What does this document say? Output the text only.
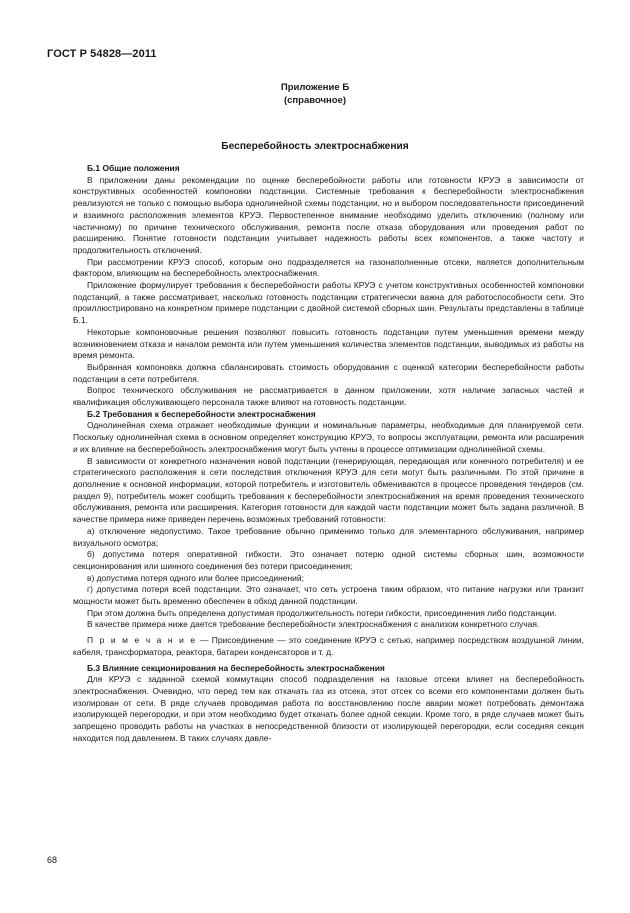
ГОСТ Р 54828—2011
Приложение Б
(справочное)
Бесперебойность электроснабжения

Б.1 Общие положения

В приложении даны рекомендации по оценке бесперебойности работы или готовности КРУЭ в зависимости от конструктивных особенностей компоновки подстанции. Системные требования к бесперебойности электроснабжения реализуются не только с помощью выбора однолинейной схемы подстанции, но и выбором последовательности присоединений и взаимного расположения элементов КРУЭ. Первостепенное внимание необходимо уделить отключению (полному или частичному) по причине технического обслуживания, ремонта после отказа оборудования или проведения работ по расширению. Понятие готовности подстанции учитывает надежность работы всех компонентов, а также частоту и продолжительность отключений.

При рассмотрении КРУЭ способ, которым оно подразделяется на газонаполненные отсеки, является дополнительным фактором, влияющим на бесперебойность электроснабжения.

Приложение формулирует требования к бесперебойности работы КРУЭ с учетом конструктивных особенностей компоновки подстанций, а также рассматривает, насколько готовность подстанции стратегически важна для работоспособности сети. Это проиллюстрировано на конкретном примере подстанции с двойной системой сборных шин. Результаты представлены в таблице Б.1.

Некоторые компоновочные решения позволяют повысить готовность подстанции путем уменьшения времени между возникновением отказа и началом ремонта или путем уменьшения количества элементов подстанции, выводимых из работы на время ремонта.

Выбранная компоновка должна сбалансировать стоимость оборудования с оценкой категории бесперебойности работы подстанции в сети потребителя.

Вопрос технического обслуживания не рассматривается в данном приложении, хотя наличие запасных частей и квалификация обслуживающего персонала также влияют на готовность подстанции.

Б.2 Требования к бесперебойности электроснабжения

Однолинейная схема отражает необходимые функции и номинальные параметры, необходимые для планируемой сети. Поскольку однолинейная схема в основном определяет конструкцию КРУЭ, то вопросы эксплуатации, ремонта или расширения и их влияние на бесперебойность электроснабжения могут быть учтены в процессе оптимизации однолинейной схемы.

В зависимости от конкретного назначения новой подстанции (генерирующая, передающая или конечного потребителя) и ее стратегического расположения в сети последствия отключения КРУЭ для сети могут быть различными. По этой причине в дополнение к основной информации, которой потребитель и изготовитель обмениваются в процессе проведения тендеров (см. раздел 9), потребитель может сообщить требования к бесперебойности электроснабжения на время проведения технического обслуживания, ремонта или расширения. Категория готовности для каждой части подстанции может быть задана различной. В качестве примера ниже приведен перечень возможных требований готовности:

а) отключение недопустимо. Такое требование обычно применимо только для элементарного обслуживания, например визуального осмотра;

б) допустима потеря оперативной гибкости. Это означает потерю одной системы сборных шин, возможности секционирования или шинного соединения без потери присоединения;

в) допустима потеря одного или более присоединений;

г) допустима потеря всей подстанции. Это означает, что сеть устроена таким образом, что питание нагрузки или транзит мощности может быть временно обеспечен в обход данной подстанции.

При этом должна быть определена допустимая продолжительность потери гибкости, присоединения либо подстанции.

В качестве примера ниже дается требование бесперебойности электроснабжения с анализом конкретного случая.

П р и м е ч а н и е — Присоединение — это соединение КРУЭ с сетью, например посредством воздушной линии, кабеля, трансформатора, реактора, батареи конденсаторов и т. д.

Б.3 Влияние секционирования на бесперебойность электроснабжения

Для КРУЭ с заданной схемой коммутации способ подразделения на газовые отсеки влияет на бесперебойность электроснабжения. Очевидно, что перед тем как откачать газ из отсека, этот отсек со всеми его компонентами должен быть изолирован от сети. В ряде случаев проводимая работа по восстановлению после аварии может потребовать демонтажа изолирующей перегородки, и при этом необходимо будет откачать более одной секции. Кроме того, в ряде случаев может быть запрещено проводить работы на участках в непосредственной близости от изолирующей перегородки, если соседняя секция находится под давлением. В таких случаях давле-

68
